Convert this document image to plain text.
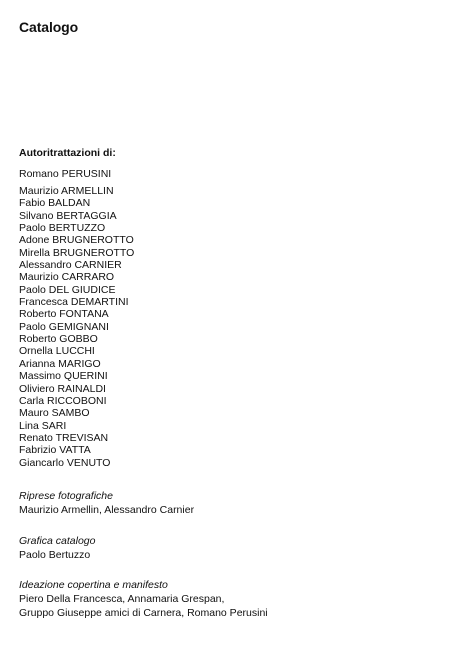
Catalogo
Autoritrattazioni di:
Romano PERUSINI
Maurizio ARMELLIN
Fabio BALDAN
Silvano BERTAGGIA
Paolo BERTUZZO
Adone BRUGNEROTTO
Mirella BRUGNEROTTO
Alessandro CARNIER
Maurizio CARRARO
Paolo DEL GIUDICE
Francesca DEMARTINI
Roberto FONTANA
Paolo GEMIGNANI
Roberto GOBBO
Ornella LUCCHI
Arianna MARIGO
Massimo QUERINI
Oliviero RAINALDI
Carla RICCOBONI
Mauro SAMBO
Lina SARI
Renato TREVISAN
Fabrizio VATTA
Giancarlo VENUTO
Riprese fotografiche
Maurizio Armellin, Alessandro Carnier
Grafica catalogo
Paolo Bertuzzo
Ideazione copertina e manifesto
Piero Della Francesca, Annamaria Grespan,
Gruppo Giuseppe amici di Carnera, Romano Perusini
